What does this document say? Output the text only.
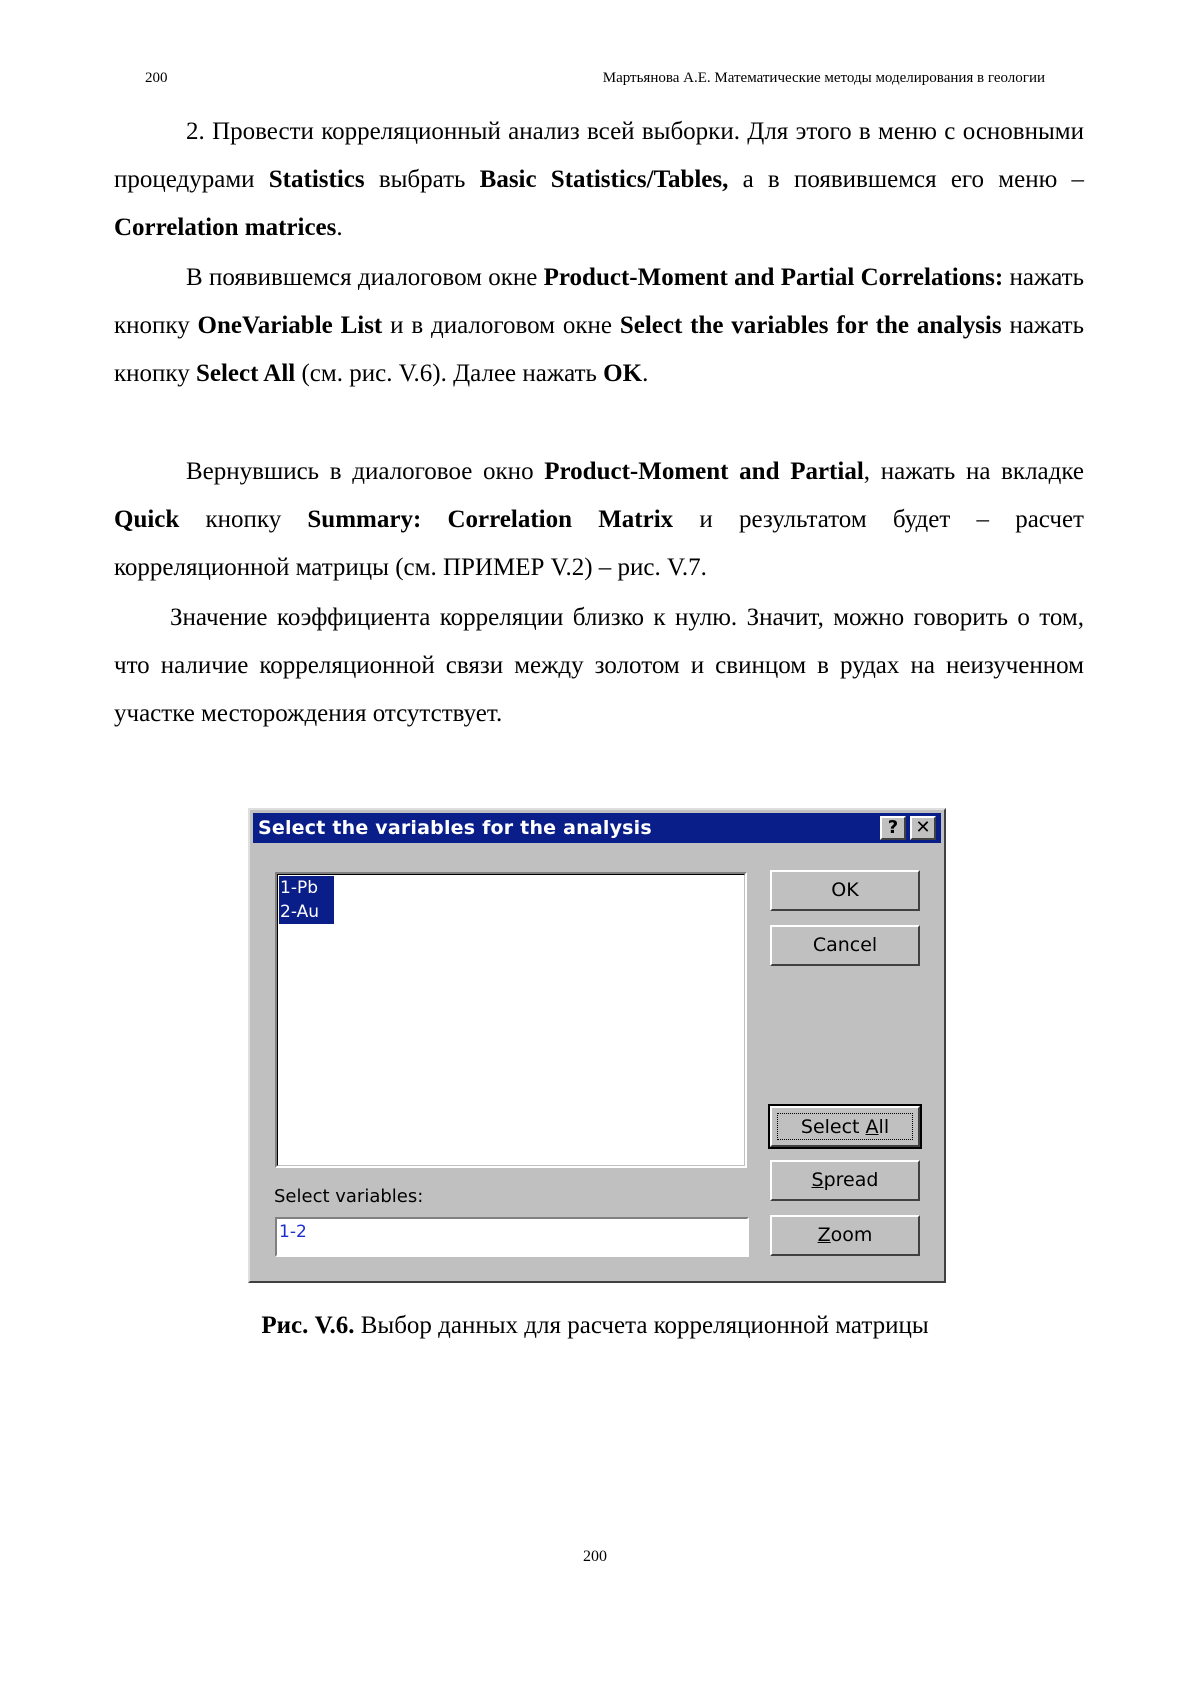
200	Мартьянова А.Е. Математические методы моделирования в геологии

2. Провести корреляционный анализ всей выборки. Для этого в меню с основными процедурами Statistics выбрать Basic Statistics/Tables, а в появившемся его меню – Correlation matrices.

В появившемся диалоговом окне Product-Moment and Partial Correlations: нажать кнопку OneVariable List и в диалоговом окне Select the variables for the analysis нажать кнопку Select All (см. рис. V.6). Далее нажать OK.

Вернувшись в диалоговое окно Product-Moment and Partial, нажать на вкладке Quick кнопку Summary: Correlation Matrix и результатом будет – расчет корреляционной матрицы (см. ПРИМЕР V.2) – рис. V.7.

Значение коэффициента корреляции близко к нулю. Значит, можно говорить о том, что наличие корреляционной связи между золотом и свинцом в рудах на неизученном участке месторождения отсутствует.

Select the variables for the analysis	? ✕
1-Pb
2-Au
Select variables:
1-2
OK
Cancel
Select All
Spread
Zoom
Рис. V.6. Выбор данных для расчета корреляционной матрицы
200
